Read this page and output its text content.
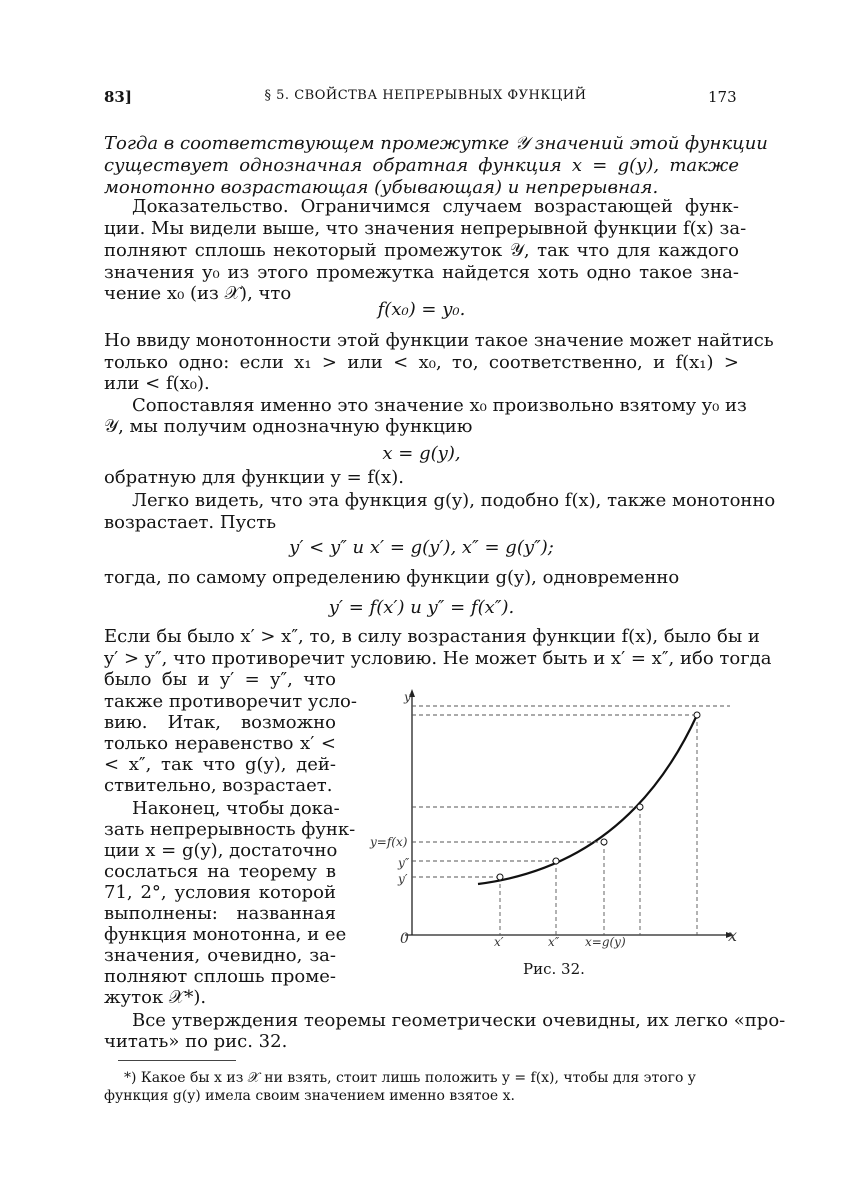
83]	§ 5. СВОЙСТВА НЕПРЕРЫВНЫХ ФУНКЦИЙ	173
Тогда в соответствующем промежутке 𝒴 значений этой функции
существует однозначная обратная функция x = g(y), также
монотонно возрастающая (убывающая) и непрерывная.
Доказательство. Ограничимся случаем возрастающей функ-
ции. Мы видели выше, что значения непрерывной функции f(x) за-
полняют сплошь некоторый промежуток 𝒴, так что для каждого
значения y₀ из этого промежутка найдется хоть одно такое зна-
чение x₀ (из 𝒳), что
f(x₀) = y₀.
Но ввиду монотонности этой функции такое значение может найтись
только одно: если x₁ > или < x₀, то, соответственно, и f(x₁) >
или < f(x₀).
Сопоставляя именно это значение x₀ произвольно взятому y₀ из
𝒴, мы получим однозначную функцию
x = g(y),
обратную для функции y = f(x).
Легко видеть, что эта функция g(y), подобно f(x), также монотонно
возрастает. Пусть
y′ < y″ и x′ = g(y′), x″ = g(y″);
тогда, по самому определению функции g(y), одновременно
y′ = f(x′) и y″ = f(x″).
Если бы было x′ > x″, то, в силу возрастания функции f(x), было бы и
y′ > y″, что противоречит условию. Не может быть и x′ = x″, ибо тогда
было бы и y′ = y″, что
также противоречит усло-
вию. Итак, возможно
только неравенство x′ <
< x″, так что g(y), дей-
ствительно, возрастает.
Наконец, чтобы дока-
зать непрерывность функ-
ции x = g(y), достаточно
сослаться на теорему в
71, 2°, условия которой
выполнены: названная
функция монотонна, и ее
значения, очевидно, за-
полняют сплошь проме-
жуток 𝒳*).
y
x
0
y=f(x)
y″
y′
x′	x″ x=g(y)
Рис. 32.
Все утверждения теоремы геометрически очевидны, их легко «про-
читать» по рис. 32.
*) Какое бы x из 𝒳 ни взять, стоит лишь положить y = f(x), чтобы для этого y
функция g(y) имела своим значением именно взятое x.
